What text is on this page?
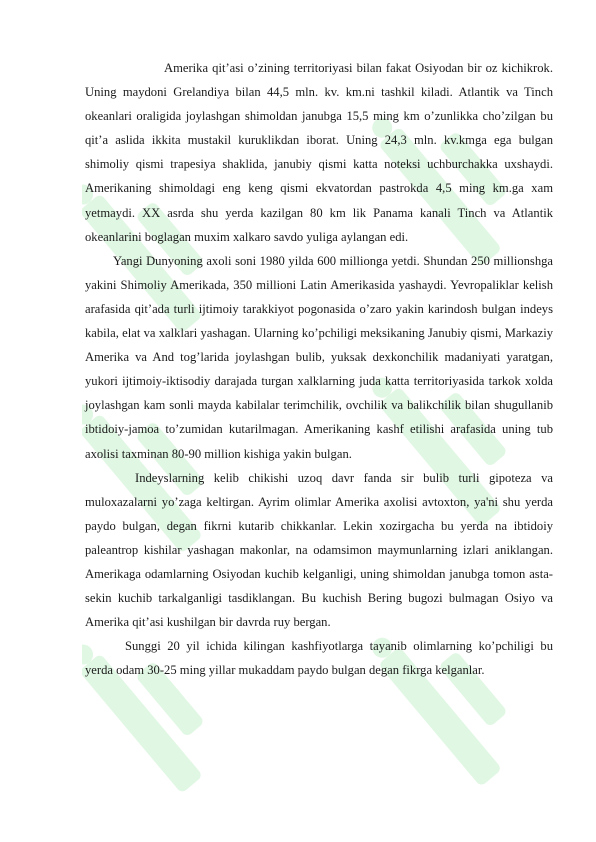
Amerika qit’asi o’zining territoriyasi bilan fakat Osiyodan bir oz kichikrok. Uning maydoni Grelandiya bilan 44,5 mln. kv. km.ni tashkil kiladi. Atlantik va Tinch okeanlari oraligida joylashgan shimoldan janubga 15,5 ming km o’zunlikka cho’zilgan bu qit’a aslida ikkita mustakil kuruklikdan iborat. Uning 24,3 mln. kv.kmga ega bulgan shimoliy qismi trapesiya shaklida, janubiy qismi katta noteksi uchburchakka uxshaydi. Amerikaning shimoldagi eng keng qismi ekvatordan pastrokda 4,5 ming km.ga xam yetmaydi. XX asrda shu yerda kazilgan 80 km lik Panama kanali Tinch va Atlantik okeanlarini boglagan muxim xalkaro savdo yuliga aylangan edi.

Yangi Dunyoning axoli soni 1980 yilda 600 millionga yetdi. Shundan 250 millionshga yakini Shimoliy Amerikada, 350 millioni Latin Amerikasida yashaydi. Yevropaliklar kelish arafasida qit’ada turli ijtimoiy tarakkiyot pogonasida o’zaro yakin karindosh bulgan indeys kabila, elat va xalklari yashagan. Ularning ko’pchiligi meksikaning Janubiy qismi, Markaziy Amerika va And tog’larida joylashgan bulib, yuksak dexkonchilik madaniyati yaratgan, yukori ijtimoiy-iktisodiy darajada turgan xalklarning juda katta territoriyasida tarkok xolda joylashgan kam sonli mayda kabilalar terimchilik, ovchilik va balikchilik bilan shugullanib ibtidoiy-jamoa to’zumidan kutarilmagan. Amerikaning kashf etilishi arafasida uning tub axolisi taxminan 80-90 million kishiga yakin bulgan.

Indeyslarning kelib chikishi uzoq davr fanda sir bulib turli gipoteza va muloxazalarni yo’zaga keltirgan. Ayrim olimlar Amerika axolisi avtoxton, ya'ni shu yerda paydo bulgan, degan fikrni kutarib chikkanlar. Lekin xozirgacha bu yerda na ibtidoiy paleantrop kishilar yashagan makonlar, na odamsimon maymunlarning izlari aniklangan. Amerikaga odamlarning Osiyodan kuchib kelganligi, uning shimoldan janubga tomon asta-sekin kuchib tarkalganligi tasdiklangan. Bu kuchish Bering bugozi bulmagan Osiyo va Amerika qit’asi kushilgan bir davrda ruy bergan.

Sunggi 20 yil ichida kilingan kashfiyotlarga tayanib olimlarning ko’pchiligi bu yerda odam 30-25 ming yillar mukaddam paydo bulgan degan fikrga kelganlar.
